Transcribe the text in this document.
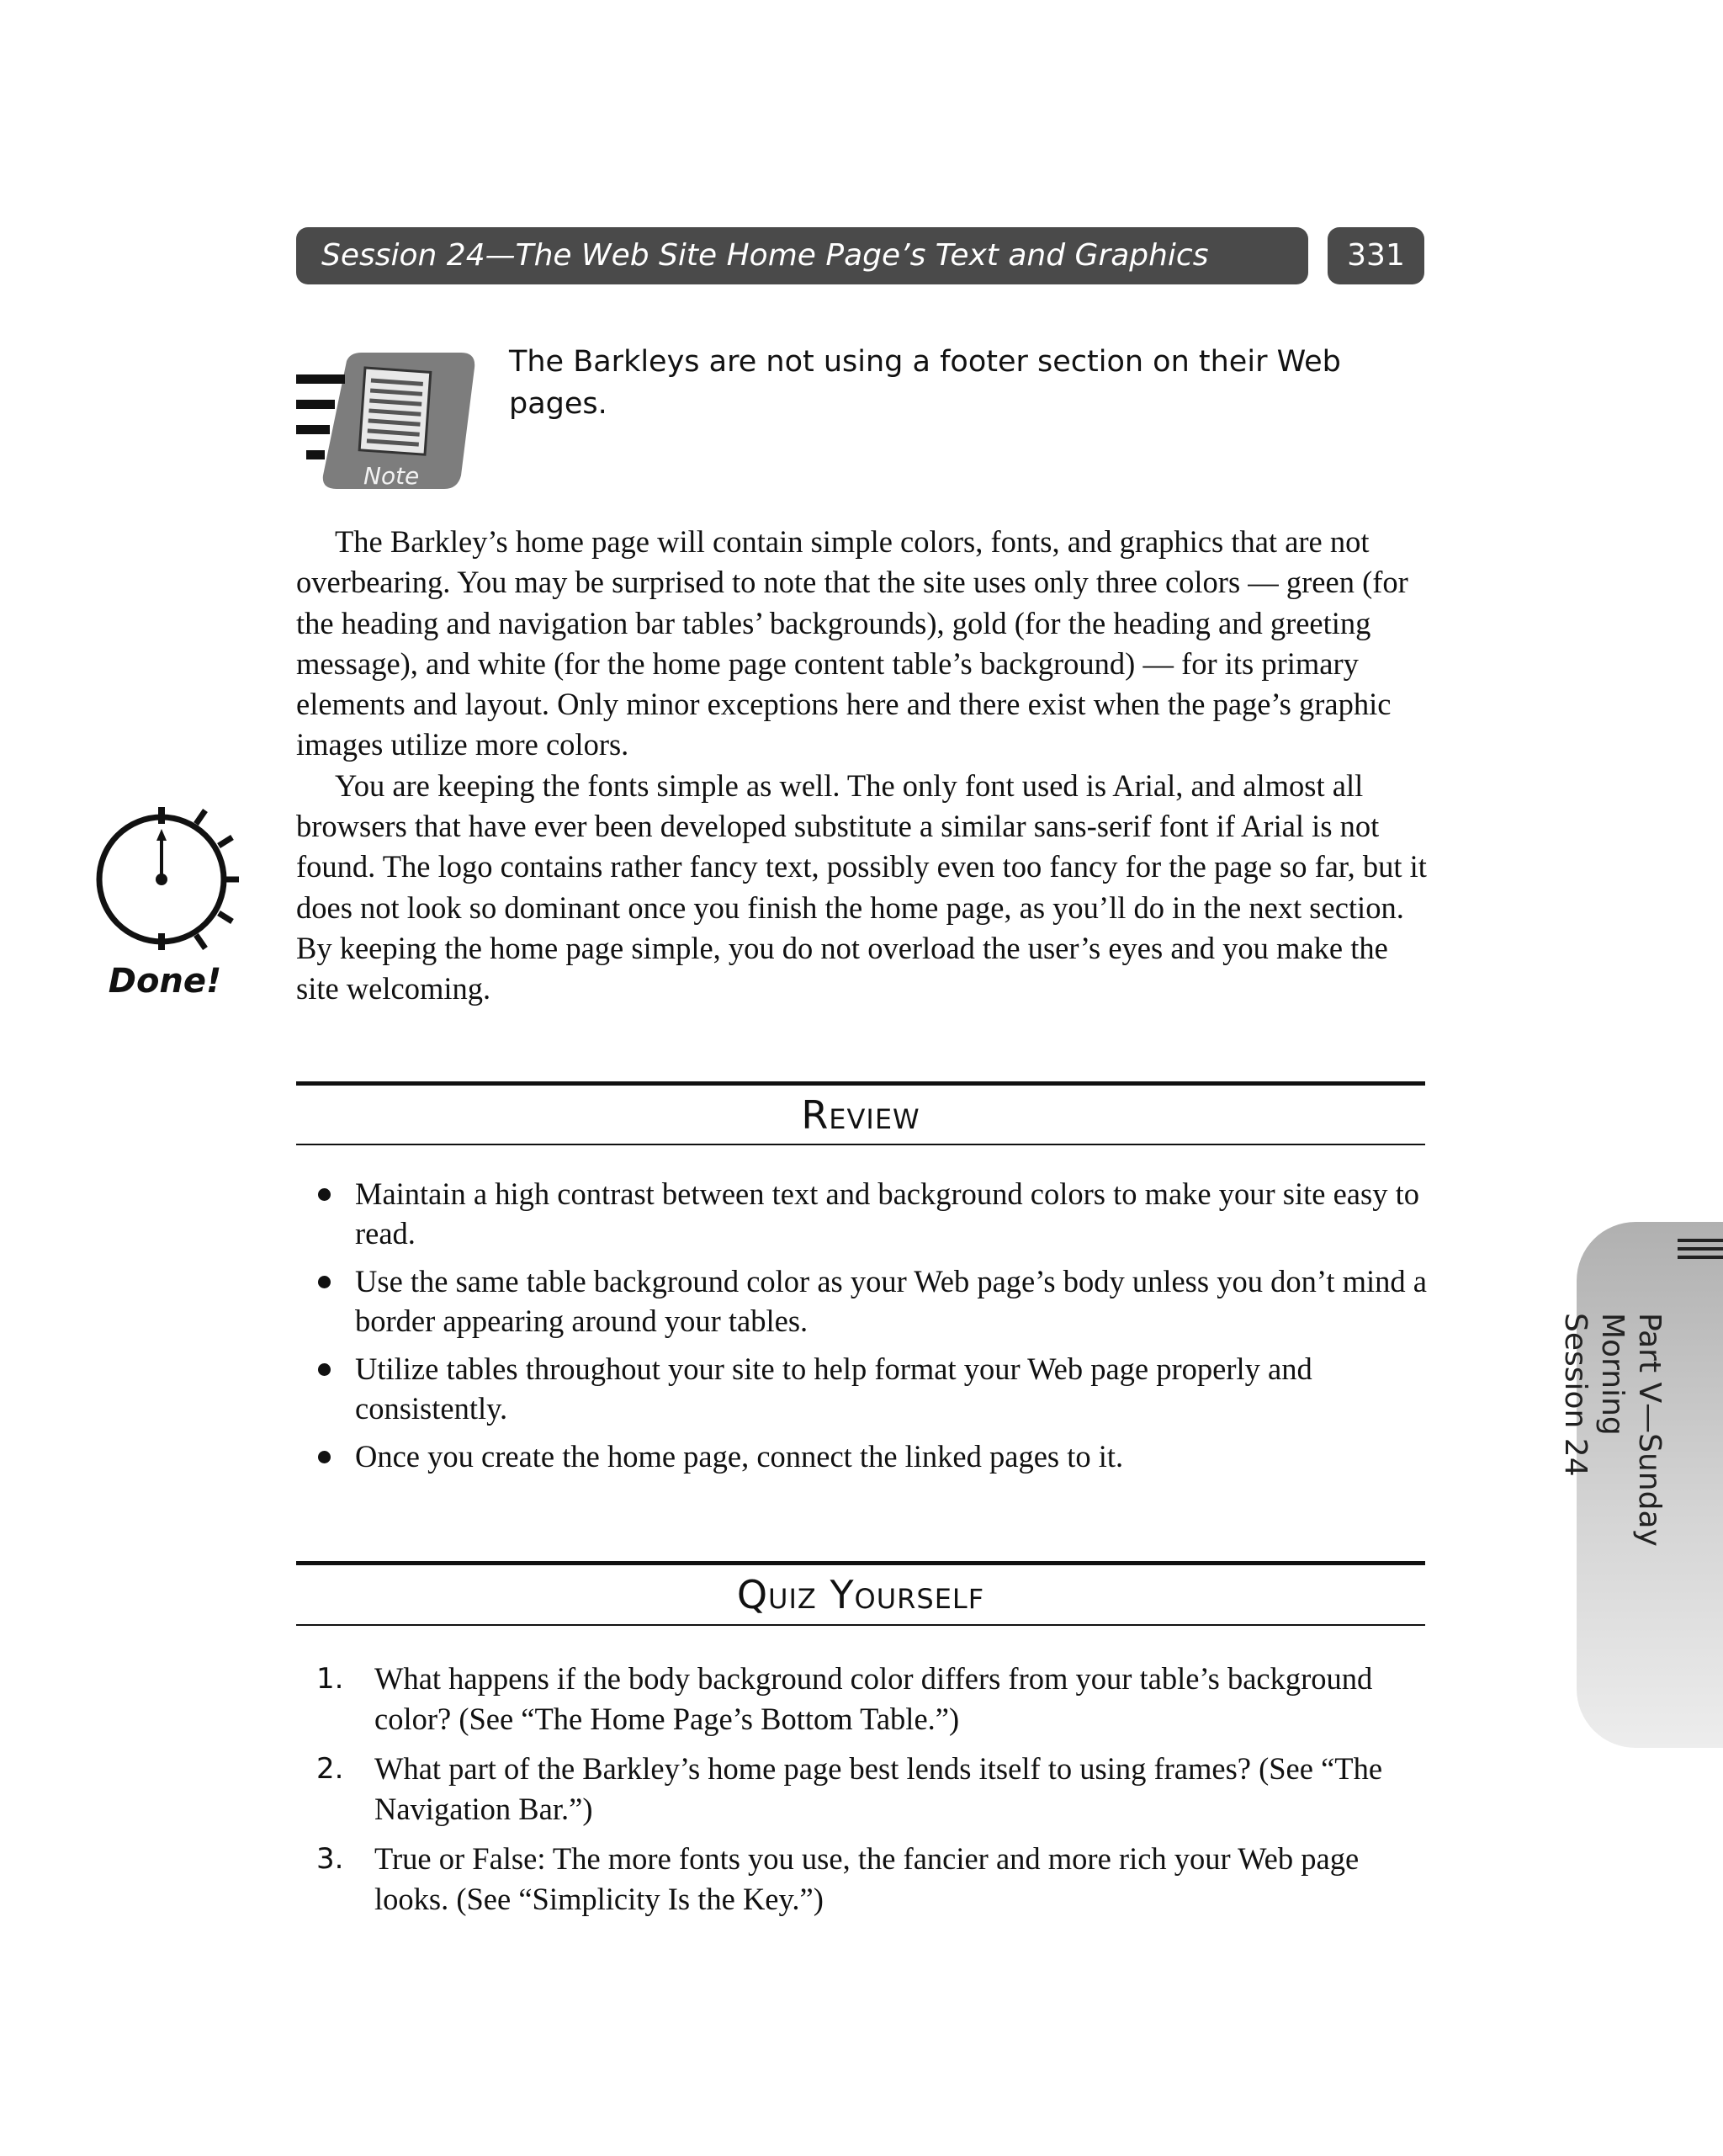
Session 24—The Web Site Home Page’s Text and Graphics	331
Note
The Barkleys are not using a footer section on their Web pages.
Done!

The Barkley’s home page will contain simple colors, fonts, and graphics that are not overbearing. You may be surprised to note that the site uses only three colors — green (for the heading and navigation bar tables’ backgrounds), gold (for the heading and greeting message), and white (for the home page content table’s background) — for its primary elements and layout. Only minor exceptions here and there exist when the page’s graphic images utilize more colors.

You are keeping the fonts simple as well. The only font used is Arial, and almost all browsers that have ever been developed substitute a similar sans-serif font if Arial is not found. The logo contains rather fancy text, possibly even too fancy for the page so far, but it does not look so dominant once you finish the home page, as you’ll do in the next section. By keeping the home page simple, you do not overload the user’s eyes and you make the site welcoming.

Review
Maintain a high contrast between text and background colors to make your site easy to read.
Use the same table background color as your Web page’s body unless you don’t mind a border appearing around your tables.
Utilize tables throughout your site to help format your Web page properly and consistently.
Once you create the home page, connect the linked pages to it.
Quiz Yourself
1. What happens if the body background color differs from your table’s background color? (See “The Home Page’s Bottom Table.”)
2. What part of the Barkley’s home page best lends itself to using frames? (See “The Navigation Bar.”)
3. True or False: The more fonts you use, the fancier and more rich your Web page looks. (See “Simplicity Is the Key.”)
Part V—Sunday Morning
Session 24
